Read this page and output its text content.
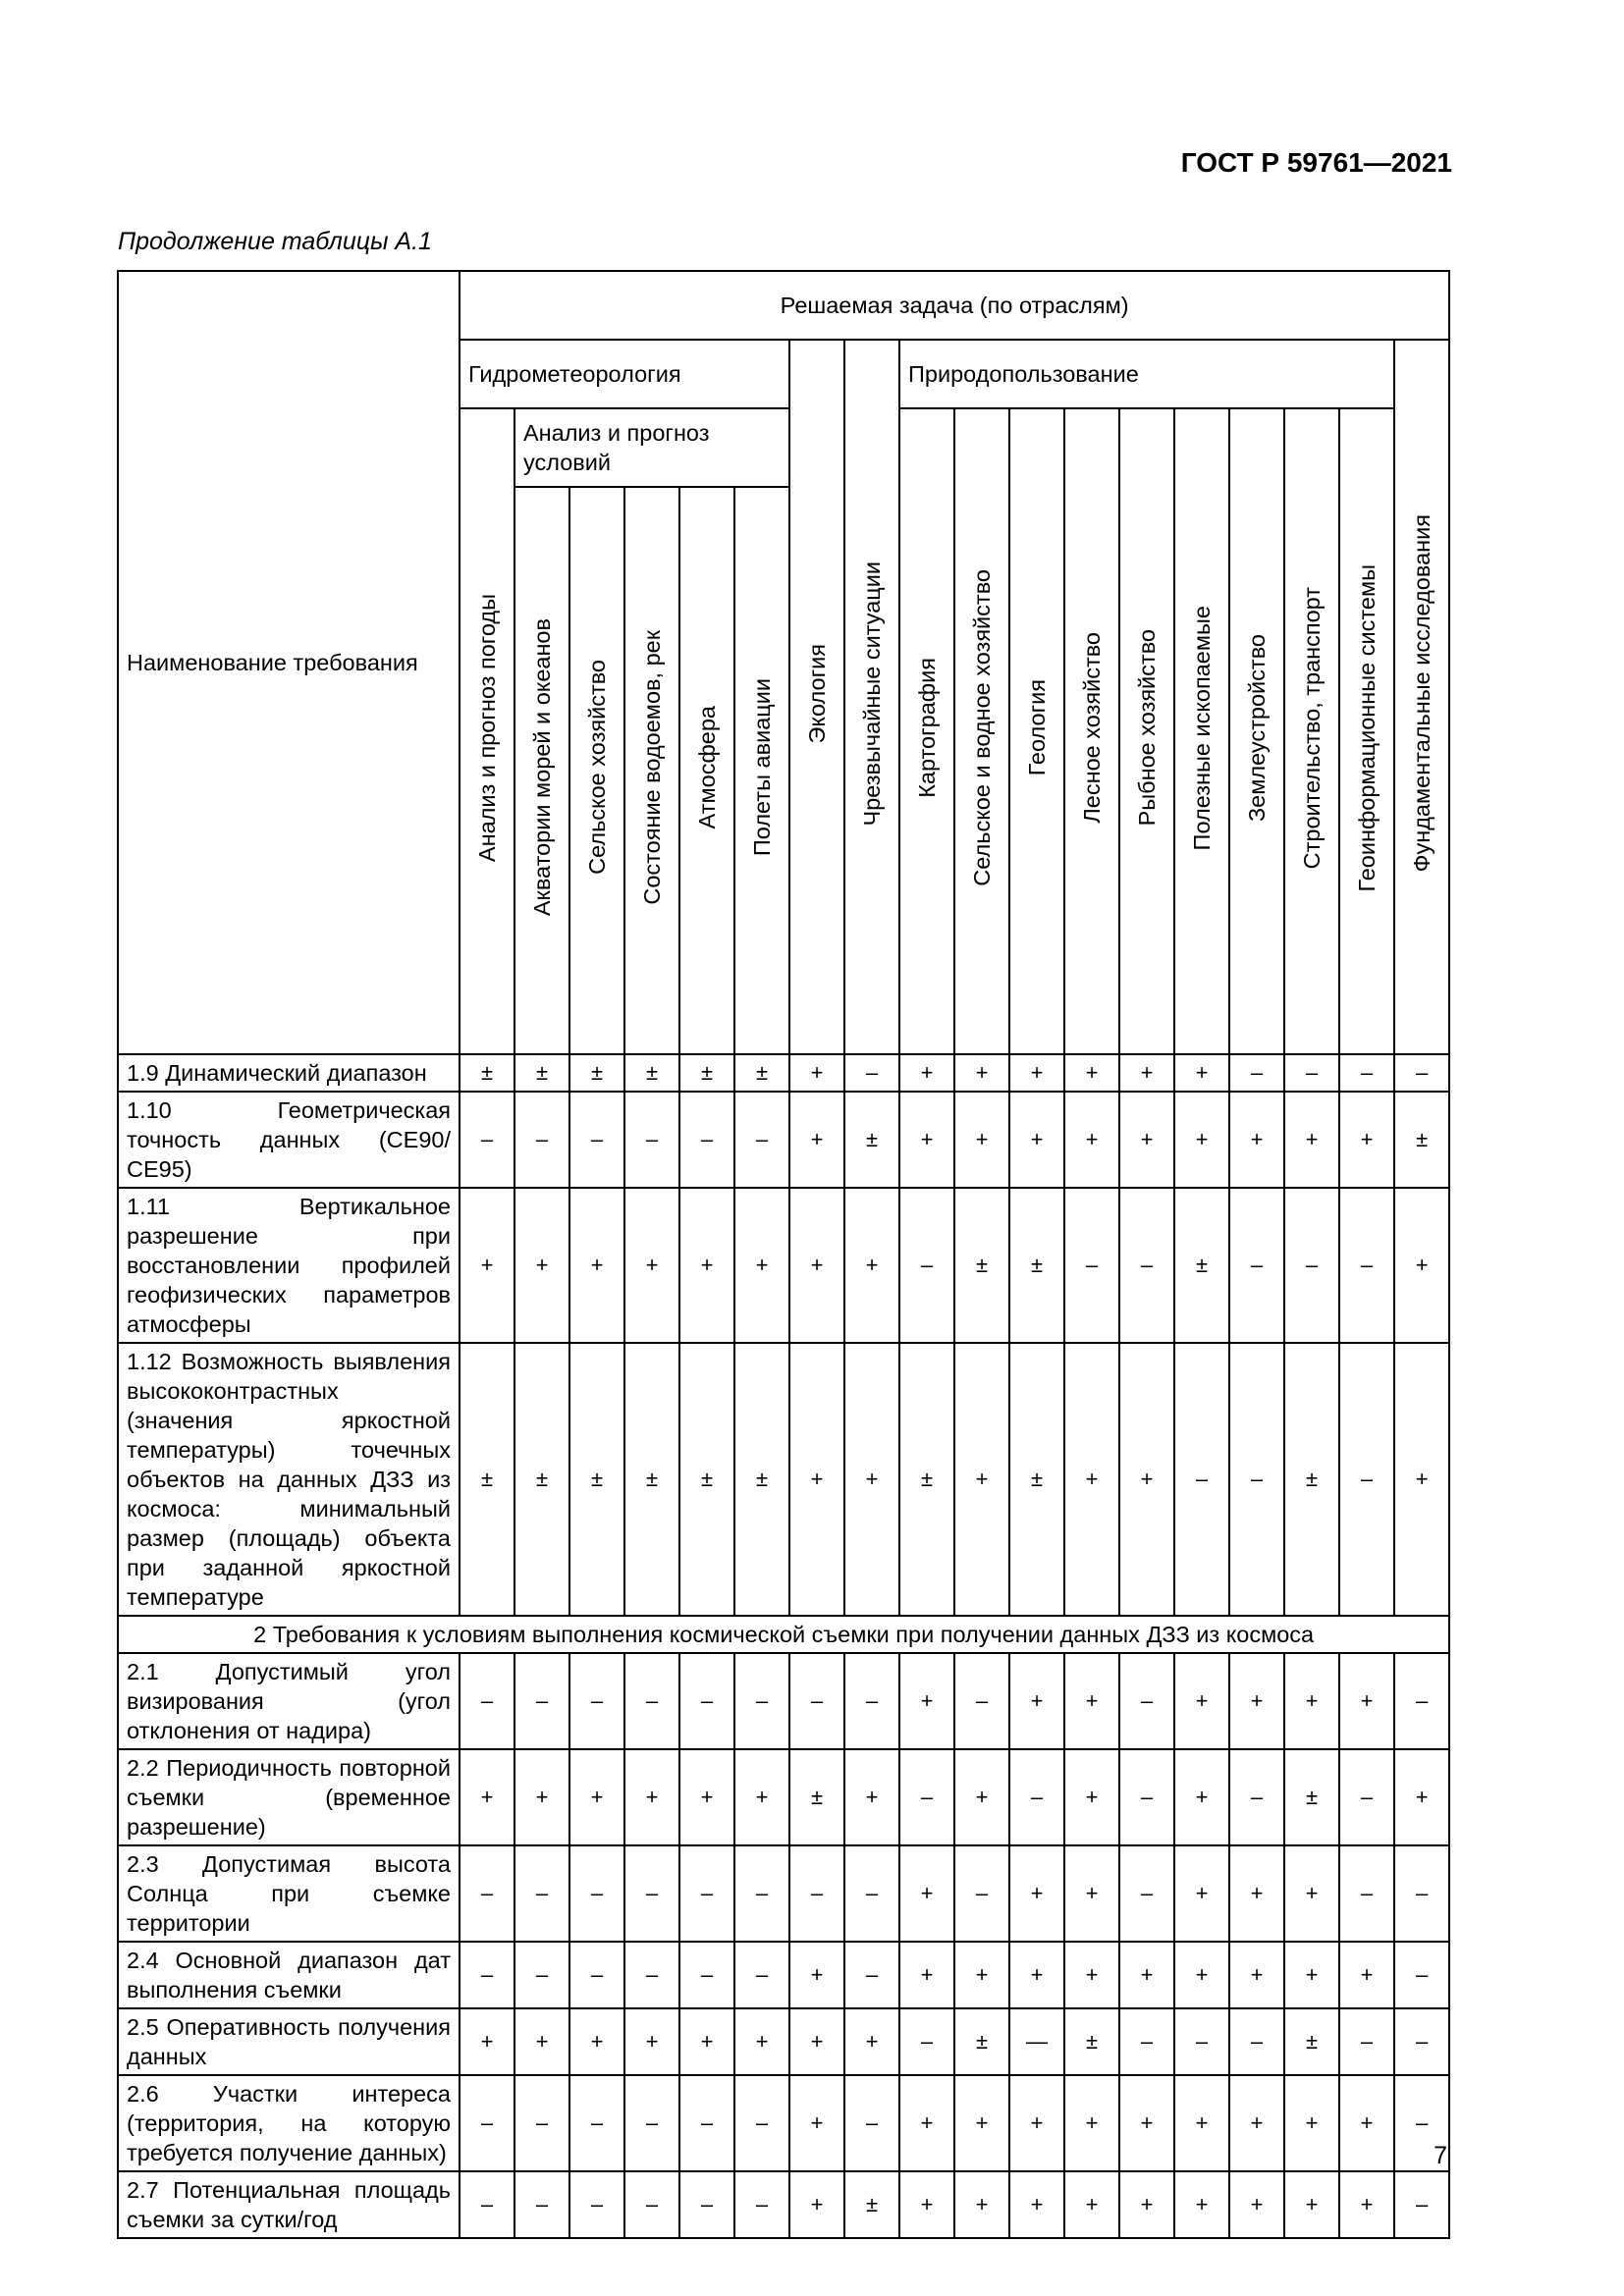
ГОСТ Р 59761—2021
Продолжение таблицы А.1
Наименование требования	Решаемая задача (по отраслям)																	
	Гидрометеорология						Экология	Чрезвычайные ситуации	Природопользование									Фундаментальные исследования
	Анализ и прогноз погоды	Анализ и прогноз условий							Картография	Сельское и водное хозяйство	Геология	Лесное хозяйство	Рыбное хозяйство	Полезные ископаемые	Землеустройство	Строительство, транспорт	Геоинформационные системы	
		Акватории морей и океанов	Сельское хозяйство	Состояние водоемов, рек	Атмосфера	Полеты авиации												
1.9 Динамический диапазон	±	±	±	±	±	±	+	–	+	+	+	+	+	+	–	–	–	–
1.10 Геометрическая точность данных (СЕ90/СЕ95)	–	–	–	–	–	–	+	±	+	+	+	+	+	+	+	+	+	±
1.11 Вертикальное разрешение при восстановлении профилей геофизических параметров атмосферы	+	+	+	+	+	+	+	+	–	±	±	–	–	±	–	–	–	+
1.12 Возможность выявления высококонтрастных (значения яркостной температуры) точечных объектов на данных ДЗЗ из космоса: минимальный размер (площадь) объекта при заданной яркостной температуре	±	±	±	±	±	±	+	+	±	+	±	+	+	–	–	±	–	+
2 Требования к условиям выполнения космической съемки при получении данных ДЗЗ из космоса																		
2.1 Допустимый угол визирования (угол отклонения от надира)	–	–	–	–	–	–	–	–	+	–	+	+	–	+	+	+	+	–
2.2 Периодичность повторной съемки (временное разрешение)	+	+	+	+	+	+	±	+	–	+	–	+	–	+	–	±	–	+
2.3 Допустимая высота Солнца при съемке территории	–	–	–	–	–	–	–	–	+	–	+	+	–	+	+	+	–	–
2.4 Основной диапазон дат выполнения съемки	–	–	–	–	–	–	+	–	+	+	+	+	+	+	+	+	+	–
2.5 Оперативность получения данных	+	+	+	+	+	+	+	+	–	±	—	±	–	–	–	±	–	–
2.6 Участки интереса (территория, на которую требуется получение данных)	–	–	–	–	–	–	+	–	+	+	+	+	+	+	+	+	+	–
2.7 Потенциальная площадь съемки за сутки/год	–	–	–	–	–	–	+	±	+	+	+	+	+	+	+	+	+	–
7
